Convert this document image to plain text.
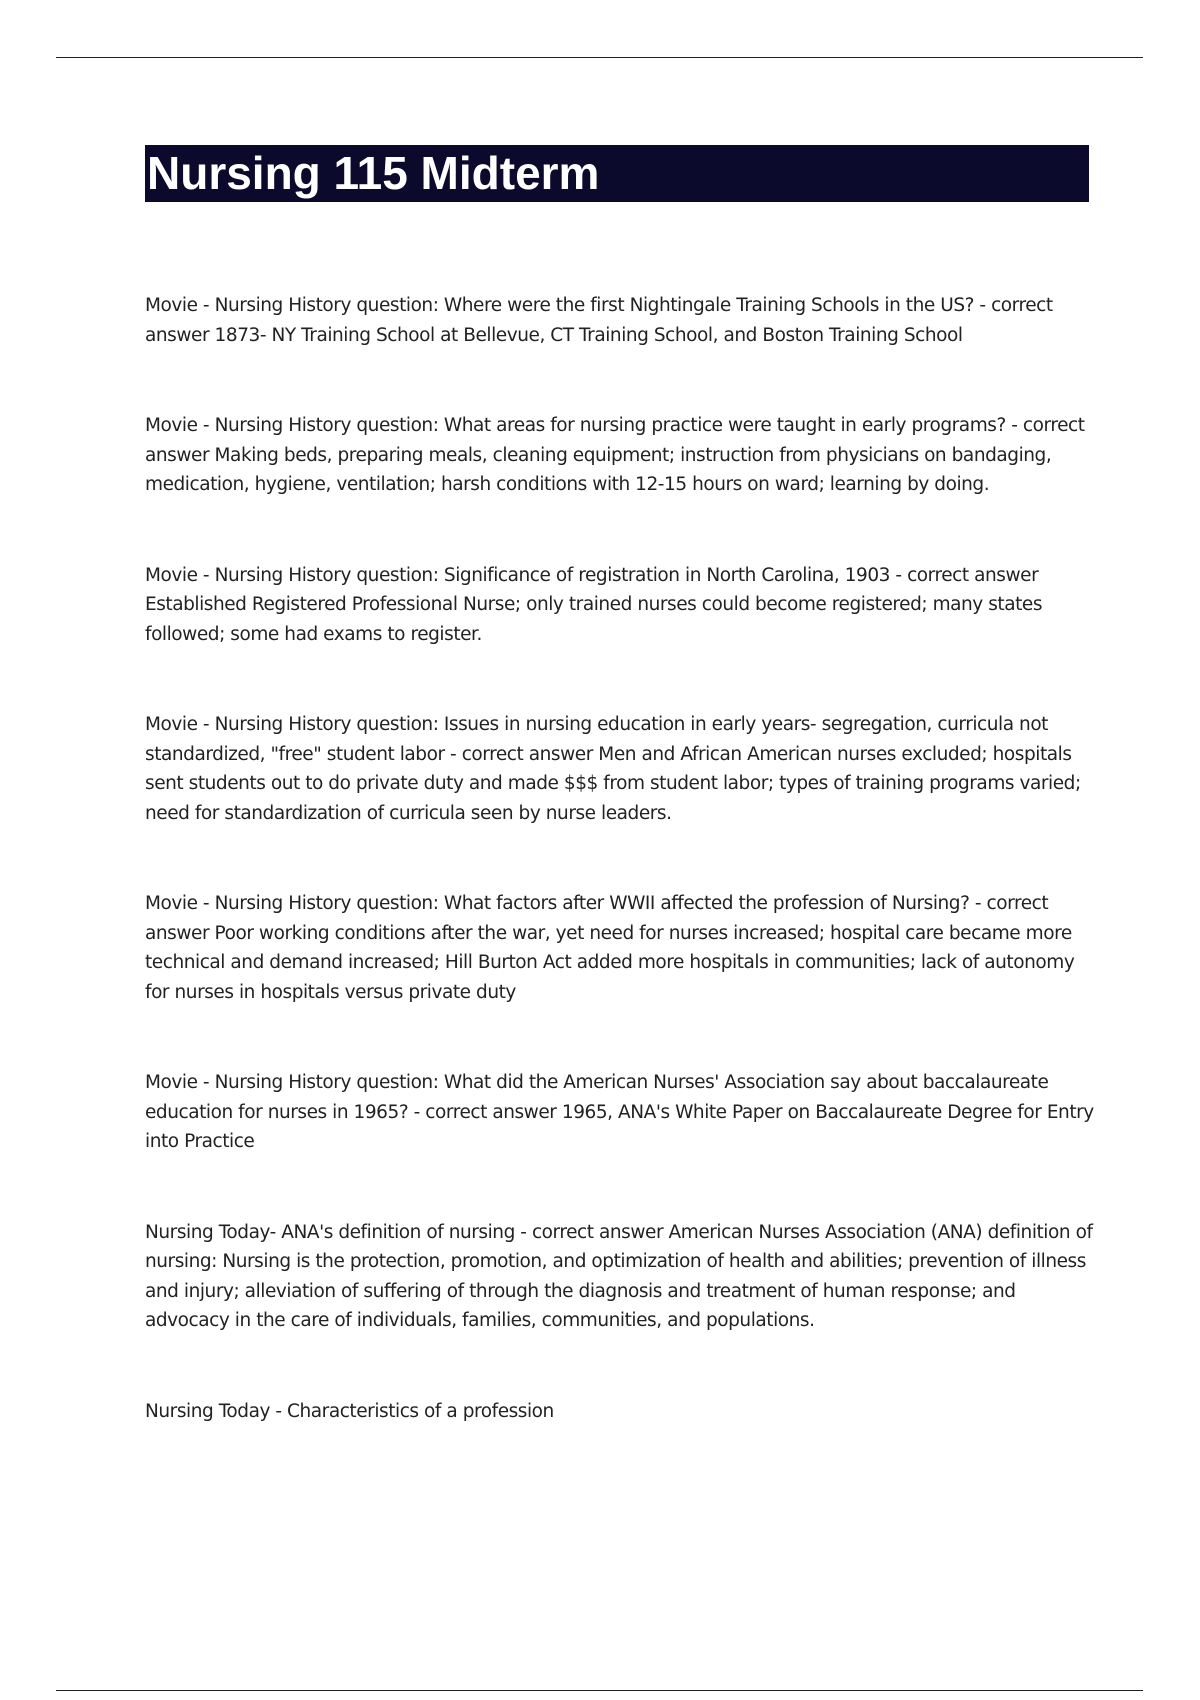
Nursing 115 Midterm

Movie - Nursing History question: Where were the first Nightingale Training Schools in the US? - correct answer 1873- NY Training School at Bellevue, CT Training School, and Boston Training School

Movie - Nursing History question: What areas for nursing practice were taught in early programs? - correct answer Making beds, preparing meals, cleaning equipment; instruction from physicians on bandaging, medication, hygiene, ventilation; harsh conditions with 12-15 hours on ward; learning by doing.

Movie - Nursing History question: Significance of registration in North Carolina, 1903 - correct answer Established Registered Professional Nurse; only trained nurses could become registered; many states followed; some had exams to register.

Movie - Nursing History question: Issues in nursing education in early years- segregation, curricula not standardized, "free" student labor - correct answer Men and African American nurses excluded; hospitals sent students out to do private duty and made $$$ from student labor; types of training programs varied; need for standardization of curricula seen by nurse leaders.

Movie - Nursing History question: What factors after WWII affected the profession of Nursing? - correct answer Poor working conditions after the war, yet need for nurses increased; hospital care became more technical and demand increased; Hill Burton Act added more hospitals in communities; lack of autonomy for nurses in hospitals versus private duty

Movie - Nursing History question: What did the American Nurses' Association say about baccalaureate education for nurses in 1965? - correct answer 1965, ANA's White Paper on Baccalaureate Degree for Entry into Practice

Nursing Today- ANA's definition of nursing - correct answer American Nurses Association (ANA) definition of nursing: Nursing is the protection, promotion, and optimization of health and abilities; prevention of illness and injury; alleviation of suffering of through the diagnosis and treatment of human response; and advocacy in the care of individuals, families, communities, and populations.

Nursing Today - Characteristics of a profession
